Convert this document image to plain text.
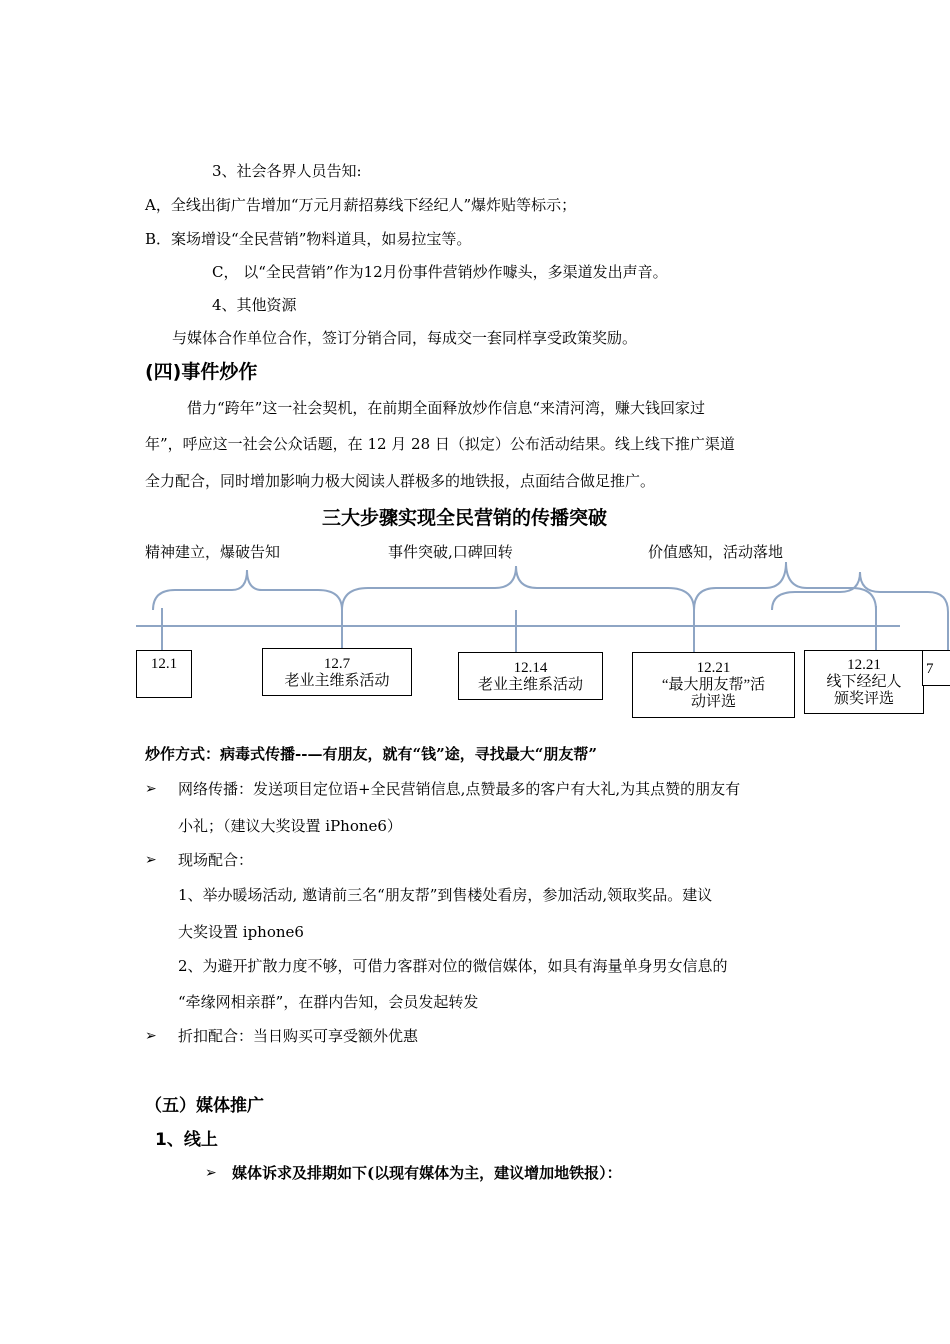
3、社会各界人员告知:
A，全线出街广告增加“万元月薪招募线下经纪人”爆炸贴等标示；
B．案场增设“全民营销”物料道具，如易拉宝等。
C， 以“全民营销”作为12月份事件营销炒作噱头，多渠道发出声音。
4、其他资源
与媒体合作单位合作，签订分销合同，每成交一套同样享受政策奖励。
(四)事件炒作
借力“跨年”这一社会契机，在前期全面释放炒作信息“来清河湾，赚大钱回家过
年”，呼应这一社会公众话题，在 12 月 28 日（拟定）公布活动结果。线上线下推广渠道
全力配合，同时增加影响力极大阅读人群极多的地铁报，点面结合做足推广。
三大步骤实现全民营销的传播突破
精神建立，爆破告知	事件突破,口碑回转	价值感知，活动落地
12.1	12.7
老业主维系活动
12.14
老业主维系活动
12.21
“最大朋友帮”活
动评选
12.21
线下经纪人
颁奖评选
7
炒作方式：病毒式传播--—有朋友，就有“钱”途，寻找最大“朋友帮”
➢ 网络传播：发送项目定位语+全民营销信息,点赞最多的客户有大礼,为其点赞的朋友有
小礼；（建议大奖设置 iPhone6）
➢ 现场配合：
1、举办暖场活动, 邀请前三名“朋友帮”到售楼处看房，参加活动,领取奖品。建议
大奖设置 iphone6
2、为避开扩散力度不够，可借力客群对位的微信媒体，如具有海量单身男女信息的
“牵缘网相亲群”，在群内告知，会员发起转发
➢ 折扣配合：当日购买可享受额外优惠
（五）媒体推广
1、线上
➢ 媒体诉求及排期如下(以现有媒体为主，建议增加地铁报）：
